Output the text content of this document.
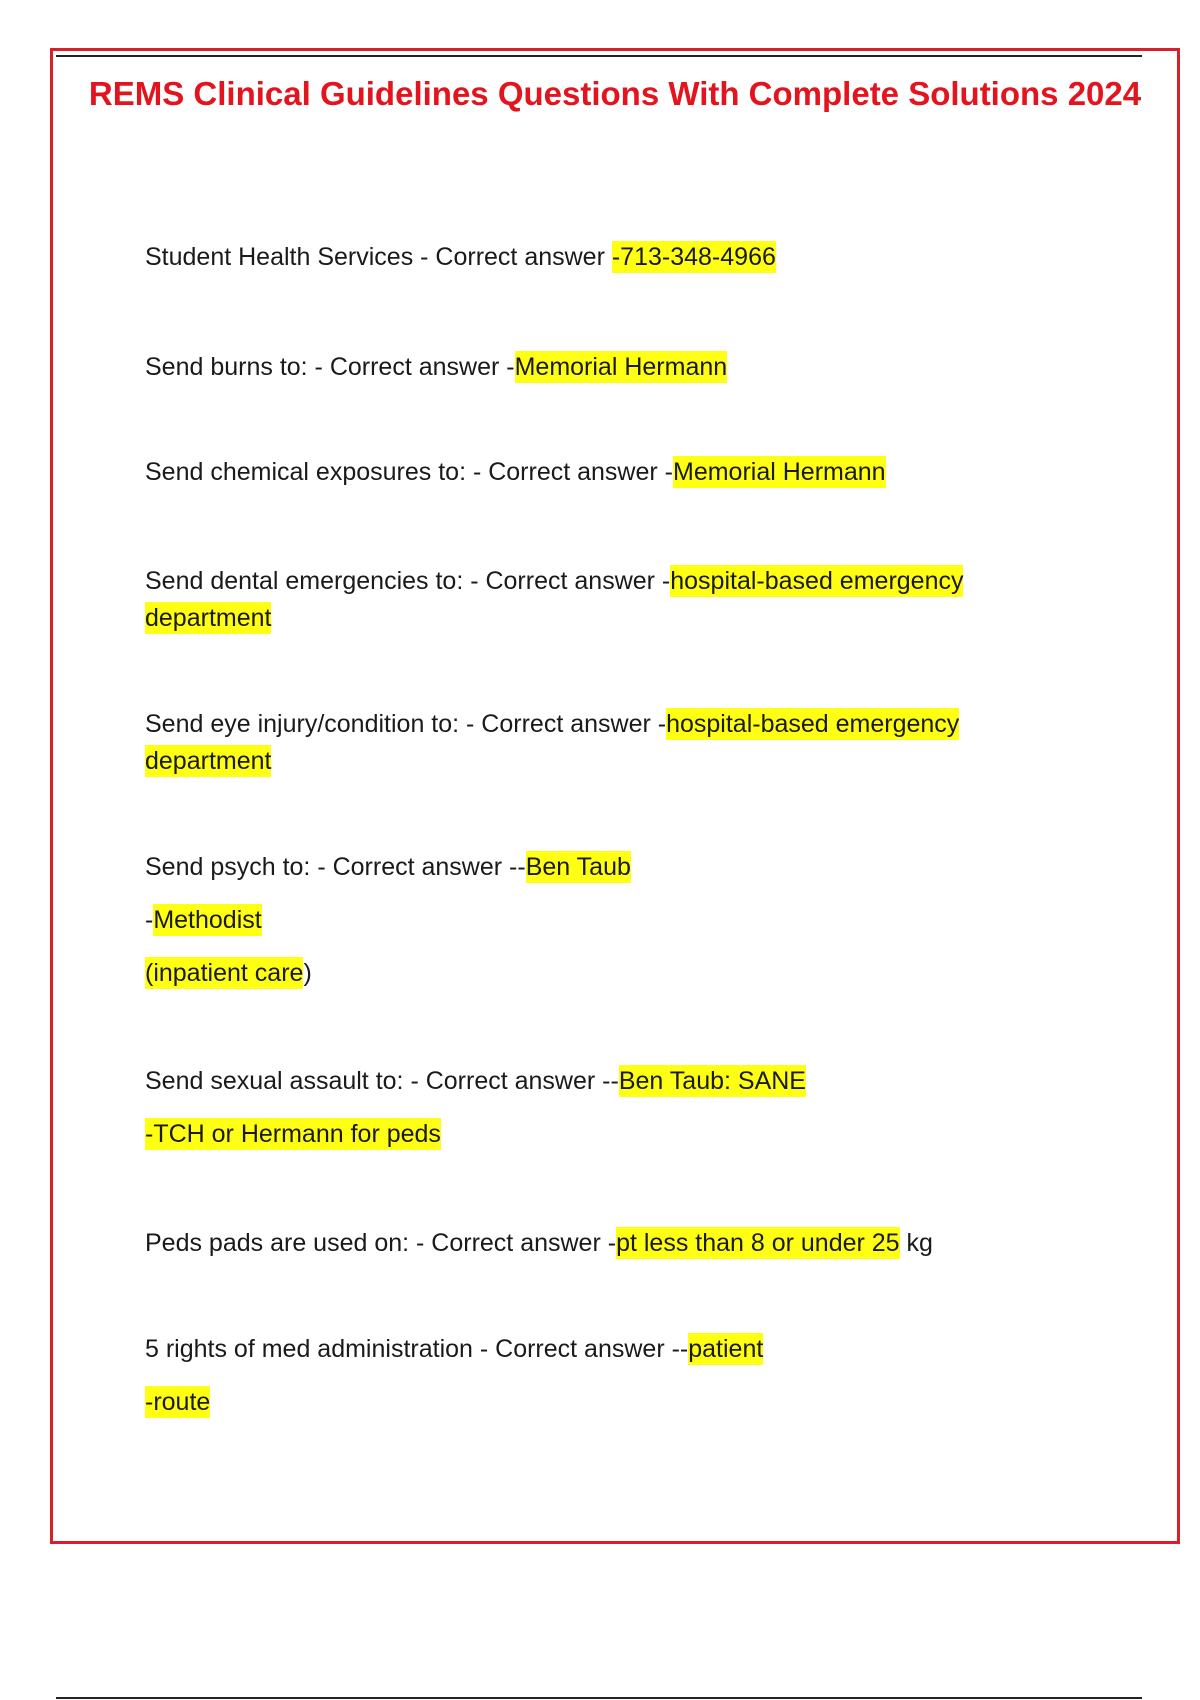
REMS Clinical Guidelines Questions With Complete Solutions 2024
Student Health Services - Correct answer -713-348-4966
Send burns to: - Correct answer -Memorial Hermann
Send chemical exposures to: - Correct answer -Memorial Hermann
Send dental emergencies to: - Correct answer -hospital-based emergency
department
Send eye injury/condition to: - Correct answer -hospital-based emergency
department
Send psych to: - Correct answer --Ben Taub
-Methodist
(inpatient care)
Send sexual assault to: - Correct answer --Ben Taub: SANE
-TCH or Hermann for peds
Peds pads are used on: - Correct answer -pt less than 8 or under 25 kg
5 rights of med administration - Correct answer --patient
-route
